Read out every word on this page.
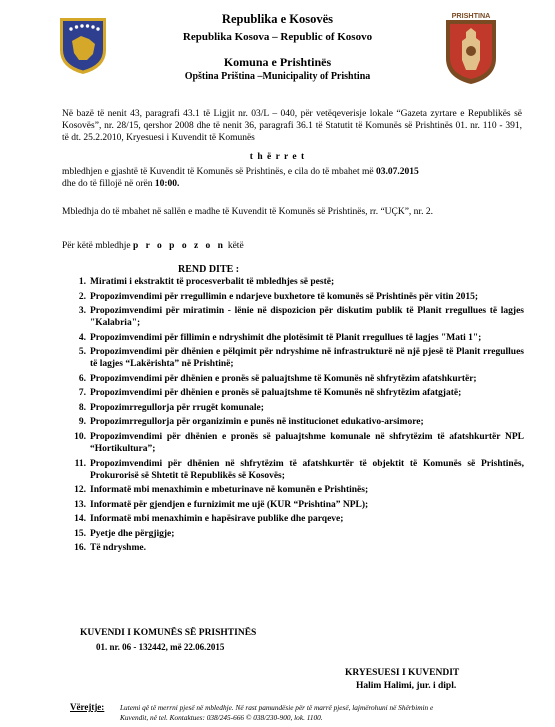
PRISHTINA
Republika e Kosovës
Republika Kosova – Republic of Kosovo
Komuna e Prishtinës
Opština Priština –Municipality of Prishtina
Në bazë të nenit 43, paragrafi 43.1 të Ligjit nr. 03/L – 040, për vetëqeverisje lokale “Gazeta zyrtare e Republikës së Kosovës”, nr. 28/15, qershor 2008 dhe të nenit 36, paragrafi 36.1 të Statutit të Komunës së Prishtinës 01. nr. 110 - 391, të dt. 25.2.2010, Kryesuesi i Kuvendit të Komunës
t h ë r r e t
mbledhjen e gjashtë të Kuvendit të Komunës së Prishtinës, e cila do të mbahet më 03.07.2015
dhe do të fillojë në orën 10:00.
Mbledhja do të mbahet në sallën e madhe të Kuvendit të Komunës së Prishtinës, rr. “UÇK”, nr. 2.
Për këtë mbledhje p r o p o z o n këtë
REND DITE :
1. Miratimi i ekstraktit të procesverbalit të mbledhjes së pestë;
2. Propozimvendimi për rregullimin e ndarjeve buxhetore të komunës së Prishtinës për vitin 2015;
3. Propozimvendimi për miratimin - lënie në dispozicion për diskutim publik të Planit rregullues të lagjes "Kalabria";
4. Propozimvendimi për fillimin e ndryshimit dhe plotësimit të Planit rregullues të lagjes "Mati 1";
5. Propozimvendimi për dhënien e pëlqimit për ndryshime në infrastrukturë në një pjesë të Planit rregullues të lagjes “Lakërishta” në Prishtinë;
6. Propozimvendimi për dhënien e pronës së paluajtshme të Komunës në shfrytëzim afatshkurtër;
7. Propozimvendimi për dhënien e pronës së paluajtshme të Komunës në shfrytëzim afatgjatë;
8. Propozimrregullorja për rrugët komunale;
9. Propozimrregullorja për organizimin e punës në institucionet edukativo-arsimore;
10. Propozimvendimi për dhënien e pronës së paluajtshme komunale në shfrytëzim të afatshkurtër NPL “Hortikultura”;
11. Propozimvendimi për dhënien në shfrytëzim të afatshkurtër të objektit të Komunës së Prishtinës, Prokurorisë së Shtetit të Republikës së Kosovës;
12. Informatë mbi menaxhimin e mbeturinave në komunën e Prishtinës;
13. Informatë për gjendjen e furnizimit me ujë (KUR “Prishtina” NPL);
14. Informatë mbi menaxhimin e hapësirave publike dhe parqeve;
15. Pyetje dhe përgjigje;
16. Të ndryshme.
KUVENDI I KOMUNËS SË PRISHTINËS
01. nr. 06 - 132442, më 22.06.2015
KRYESUESI I KUVENDIT
Halim Halimi, jur. i dipl.
Vërejtje: Lutemi që të merrni pjesë në mbledhje. Në rast pamundësie për të marrë pjesë, lajmërohuni në Shërbimin e Kuvendit, në tel. Kontaktues: 038/245-666 © 038/230-900, lok. 1100.
